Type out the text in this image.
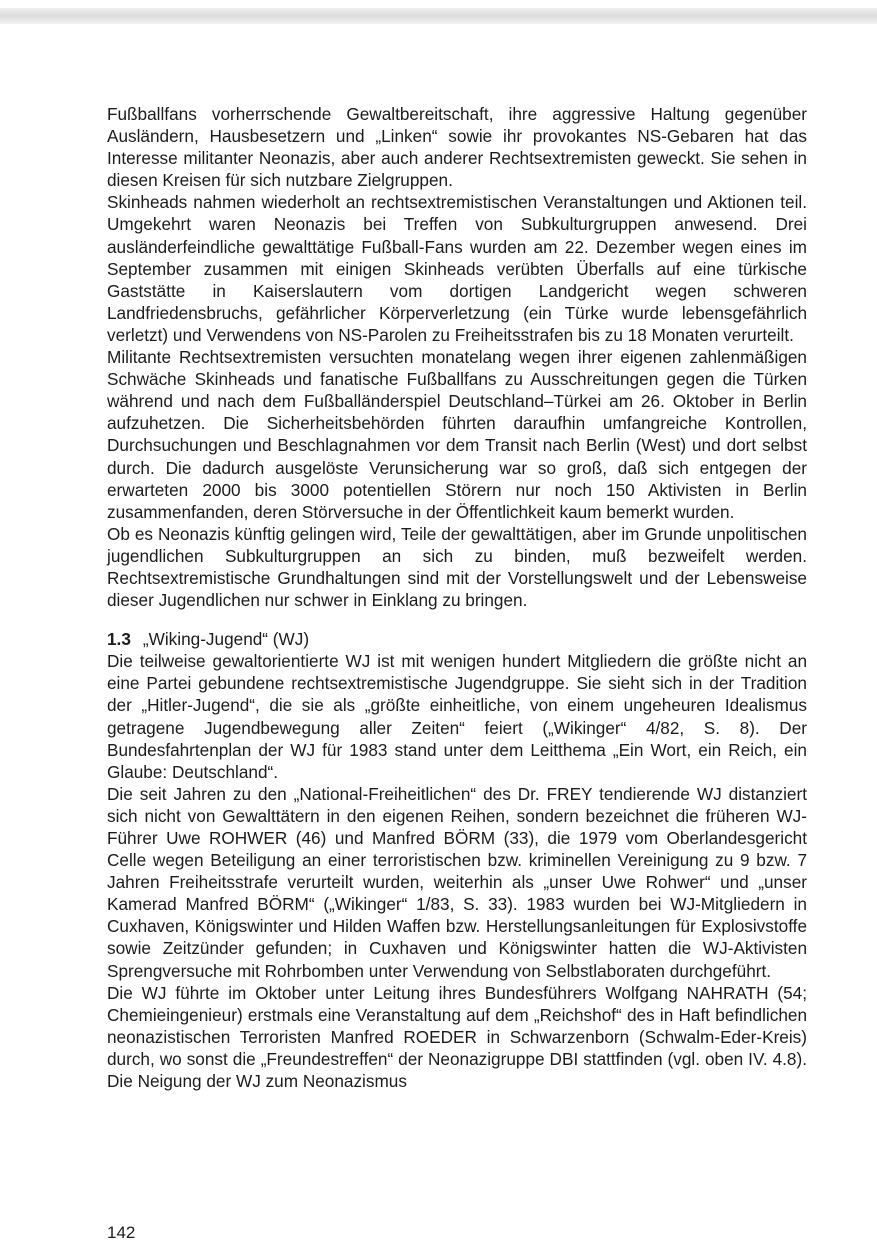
Fußballfans vorherrschende Gewaltbereitschaft, ihre aggressive Haltung gegenüber Ausländern, Hausbesetzern und „Linken“ sowie ihr provokantes NS-Gebaren hat das Interesse militanter Neonazis, aber auch anderer Rechtsextremisten geweckt. Sie sehen in diesen Kreisen für sich nutzbare Zielgruppen.

Skinheads nahmen wiederholt an rechtsextremistischen Veranstaltungen und Aktionen teil. Umgekehrt waren Neonazis bei Treffen von Subkulturgruppen anwesend. Drei ausländerfeindliche gewalttätige Fußball-Fans wurden am 22. Dezember wegen eines im September zusammen mit einigen Skinheads verübten Überfalls auf eine türkische Gaststätte in Kaiserslautern vom dortigen Landgericht wegen schweren Landfriedensbruchs, gefährlicher Körperverletzung (ein Türke wurde lebensgefährlich verletzt) und Verwendens von NS-Parolen zu Freiheitsstrafen bis zu 18 Monaten verurteilt.

Militante Rechtsextremisten versuchten monatelang wegen ihrer eigenen zahlenmäßigen Schwäche Skinheads und fanatische Fußballfans zu Ausschreitungen gegen die Türken während und nach dem Fußballänderspiel Deutschland–Türkei am 26. Oktober in Berlin aufzuhetzen. Die Sicherheitsbehörden führten daraufhin umfangreiche Kontrollen, Durchsuchungen und Beschlagnahmen vor dem Transit nach Berlin (West) und dort selbst durch. Die dadurch ausgelöste Verunsicherung war so groß, daß sich entgegen der erwarteten 2000 bis 3000 potentiellen Störern nur noch 150 Aktivisten in Berlin zusammenfanden, deren Störversuche in der Öffentlichkeit kaum bemerkt wurden.

Ob es Neonazis künftig gelingen wird, Teile der gewalttätigen, aber im Grunde unpolitischen jugendlichen Subkulturgruppen an sich zu binden, muß bezweifelt werden. Rechtsextremistische Grundhaltungen sind mit der Vorstellungswelt und der Lebensweise dieser Jugendlichen nur schwer in Einklang zu bringen.

1.3 „Wiking-Jugend“ (WJ)

Die teilweise gewaltorientierte WJ ist mit wenigen hundert Mitgliedern die größte nicht an eine Partei gebundene rechtsextremistische Jugendgruppe. Sie sieht sich in der Tradition der „Hitler-Jugend“, die sie als „größte einheitliche, von einem ungeheuren Idealismus getragene Jugendbewegung aller Zeiten“ feiert („Wikinger“ 4/82, S. 8). Der Bundesfahrtenplan der WJ für 1983 stand unter dem Leitthema „Ein Wort, ein Reich, ein Glaube: Deutschland“.

Die seit Jahren zu den „National-Freiheitlichen“ des Dr. FREY tendierende WJ distanziert sich nicht von Gewalttätern in den eigenen Reihen, sondern bezeichnet die früheren WJ-Führer Uwe ROHWER (46) und Manfred BÖRM (33), die 1979 vom Oberlandesgericht Celle wegen Beteiligung an einer terroristischen bzw. kriminellen Vereinigung zu 9 bzw. 7 Jahren Freiheitsstrafe verurteilt wurden, weiterhin als „unser Uwe Rohwer“ und „unser Kamerad Manfred BÖRM“ („Wikinger“ 1/83, S. 33). 1983 wurden bei WJ-Mitgliedern in Cuxhaven, Königswinter und Hilden Waffen bzw. Herstellungsanleitungen für Explosivstoffe sowie Zeitzünder gefunden; in Cuxhaven und Königswinter hatten die WJ-Aktivisten Sprengversuche mit Rohrbomben unter Verwendung von Selbstlaboraten durchgeführt.

Die WJ führte im Oktober unter Leitung ihres Bundesführers Wolfgang NAHRATH (54; Chemieingenieur) erstmals eine Veranstaltung auf dem „Reichshof“ des in Haft befindlichen neonazistischen Terroristen Manfred ROEDER in Schwarzenborn (Schwalm-Eder-Kreis) durch, wo sonst die „Freundestreffen“ der Neonazigruppe DBI stattfinden (vgl. oben IV. 4.8). Die Neigung der WJ zum Neonazismus

142
